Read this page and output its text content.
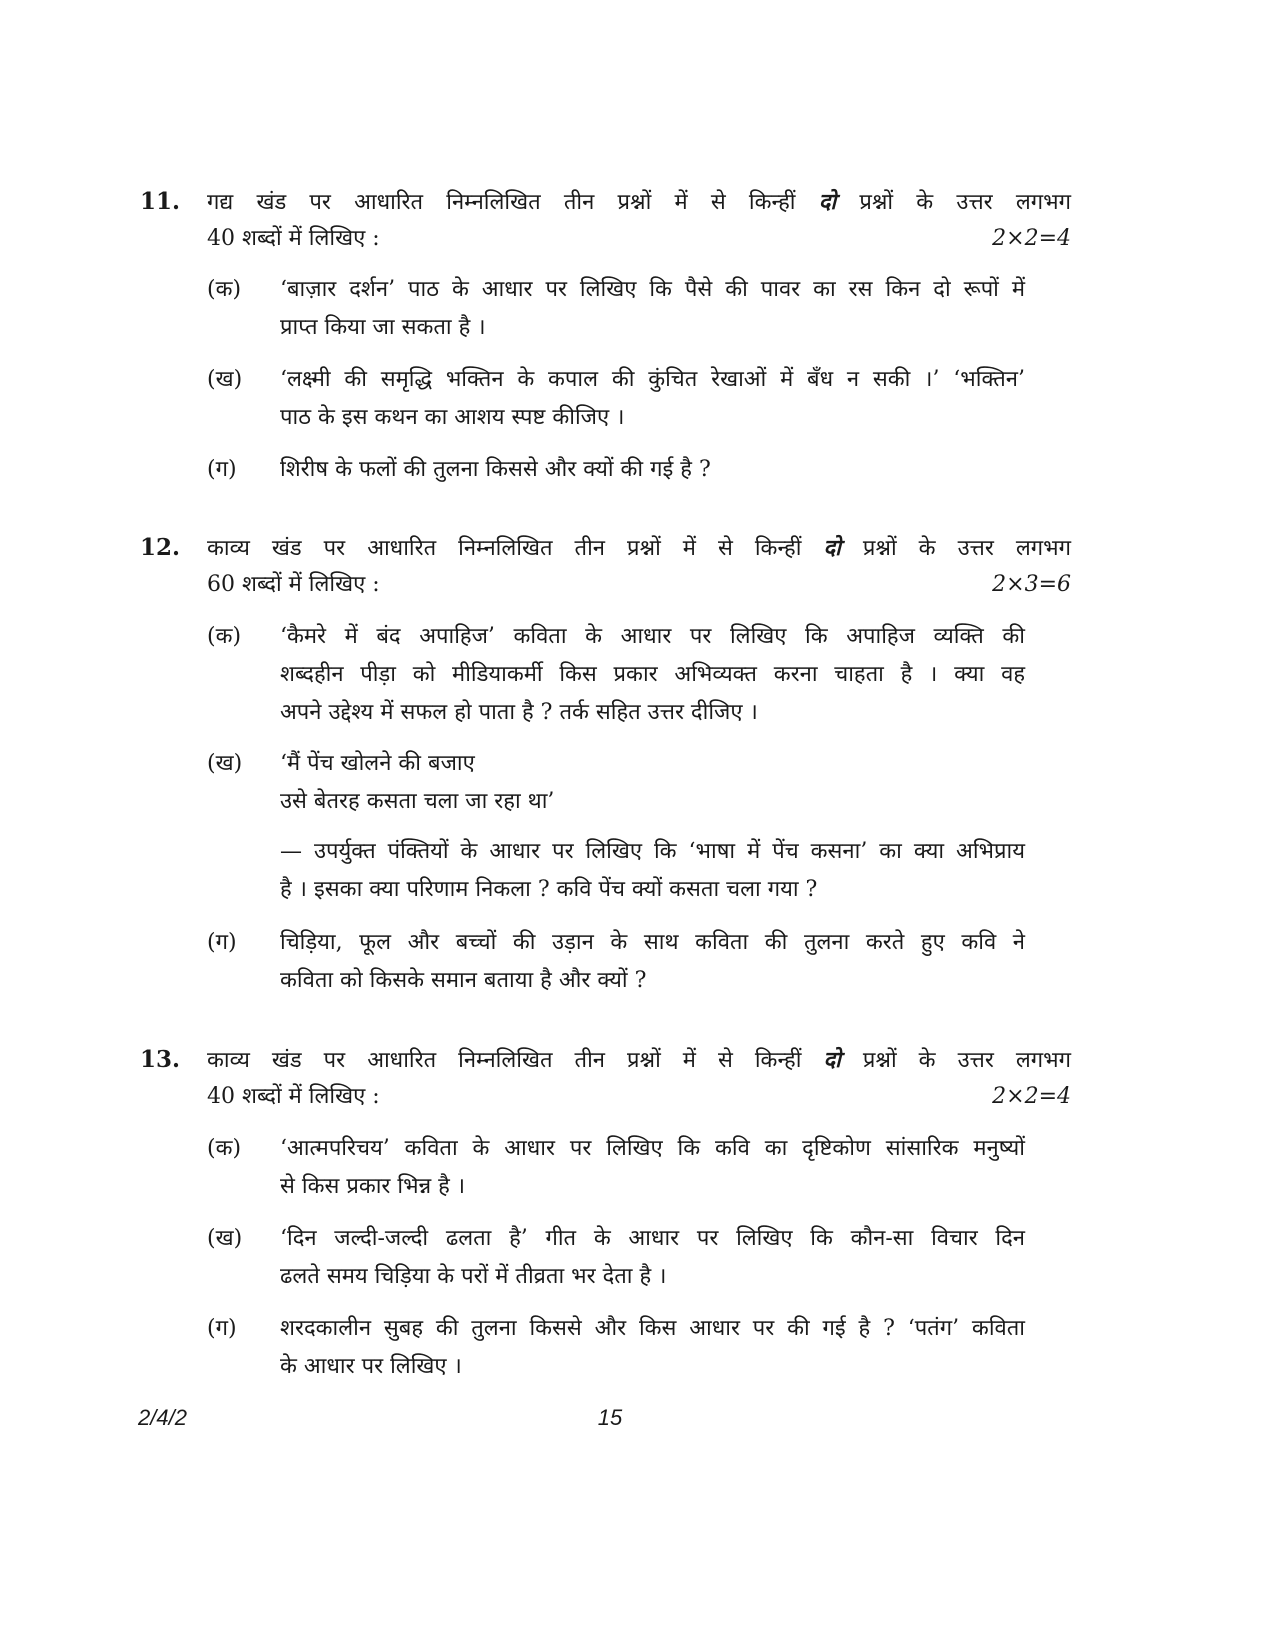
11. गद्य खंड पर आधारित निम्नलिखित तीन प्रश्नों में से किन्हीं दो प्रश्नों के उत्तर लगभग
40 शब्दों में लिखिए :	2×2=4
(क) ‘बाज़ार दर्शन’ पाठ के आधार पर लिखिए कि पैसे की पावर का रस किन दो रूपों में
प्राप्त किया जा सकता है ।
(ख) ‘लक्ष्मी की समृद्धि भक्तिन के कपाल की कुंचित रेखाओं में बँध न सकी ।’ ‘भक्तिन’
पाठ के इस कथन का आशय स्पष्ट कीजिए ।
(ग) शिरीष के फलों की तुलना किससे और क्यों की गई है ?
12. काव्य खंड पर आधारित निम्नलिखित तीन प्रश्नों में से किन्हीं दो प्रश्नों के उत्तर लगभग
60 शब्दों में लिखिए :	2×3=6
(क) ‘कैमरे में बंद अपाहिज’ कविता के आधार पर लिखिए कि अपाहिज व्यक्ति की
शब्दहीन पीड़ा को मीडियाकर्मी किस प्रकार अभिव्यक्त करना चाहता है । क्या वह
अपने उद्देश्य में सफल हो पाता है ? तर्क सहित उत्तर दीजिए ।
(ख) ‘मैं पेंच खोलने की बजाए
उसे बेतरह कसता चला जा रहा था’
— उपर्युक्त पंक्तियों के आधार पर लिखिए कि ‘भाषा में पेंच कसना’ का क्या अभिप्राय
है । इसका क्या परिणाम निकला ? कवि पेंच क्यों कसता चला गया ?
(ग) चिड़िया, फूल और बच्चों की उड़ान के साथ कविता की तुलना करते हुए कवि ने
कविता को किसके समान बताया है और क्यों ?
13. काव्य खंड पर आधारित निम्नलिखित तीन प्रश्नों में से किन्हीं दो प्रश्नों के उत्तर लगभग
40 शब्दों में लिखिए :	2×2=4
(क) ‘आत्मपरिचय’ कविता के आधार पर लिखिए कि कवि का दृष्टिकोण सांसारिक मनुष्यों
से किस प्रकार भिन्न है ।
(ख) ‘दिन जल्दी-जल्दी ढलता है’ गीत के आधार पर लिखिए कि कौन-सा विचार दिन
ढलते समय चिड़िया के परों में तीव्रता भर देता है ।
(ग) शरदकालीन सुबह की तुलना किससे और किस आधार पर की गई है ? ‘पतंग’ कविता
के आधार पर लिखिए ।
2/4/2	15
